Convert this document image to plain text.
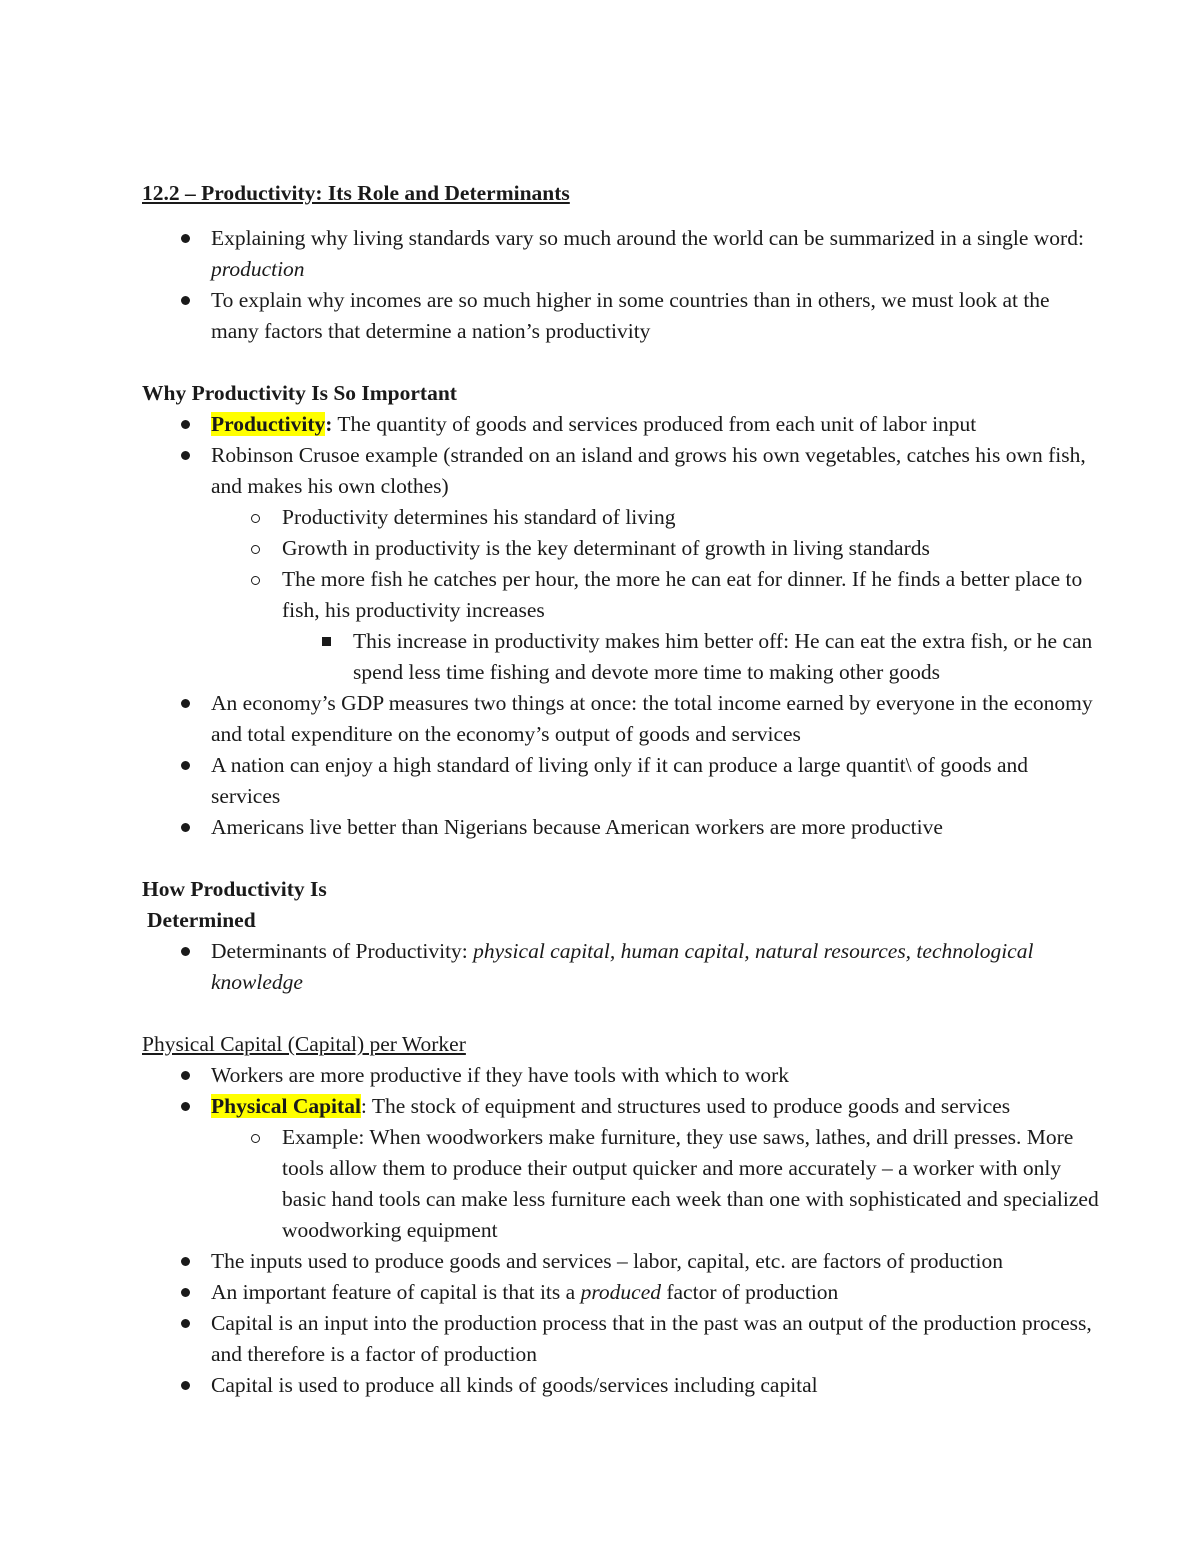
12.2 – Productivity: Its Role and Determinants

Explaining why living standards vary so much around the world can be summarized in a single word: production
To explain why incomes are so much higher in some countries than in others, we must look at the many factors that determine a nation’s productivity

Why Productivity Is So Important

Productivity: The quantity of goods and services produced from each unit of labor input
Robinson Crusoe example (stranded on an island and grows his own vegetables, catches his own fish, and makes his own clothes)
Productivity determines his standard of living
Growth in productivity is the key determinant of growth in living standards
The more fish he catches per hour, the more he can eat for dinner. If he finds a better place to fish, his productivity increases
This increase in productivity makes him better off: He can eat the extra fish, or he can spend less time fishing and devote more time to making other goods
An economy’s GDP measures two things at once: the total income earned by everyone in the economy and total expenditure on the economy’s output of goods and services
A nation can enjoy a high standard of living only if it can produce a large quantit\ of goods and services
Americans live better than Nigerians because American workers are more productive

How Productivity Is

Determined

Determinants of Productivity: physical capital, human capital, natural resources, technological knowledge

Physical Capital (Capital) per Worker

Workers are more productive if they have tools with which to work
Physical Capital: The stock of equipment and structures used to produce goods and services
Example: When woodworkers make furniture, they use saws, lathes, and drill presses. More tools allow them to produce their output quicker and more accurately – a worker with only basic hand tools can make less furniture each week than one with sophisticated and specialized woodworking equipment
The inputs used to produce goods and services – labor, capital, etc. are factors of production
An important feature of capital is that its a produced factor of production
Capital is an input into the production process that in the past was an output of the production process, and therefore is a factor of production
Capital is used to produce all kinds of goods/services including capital
